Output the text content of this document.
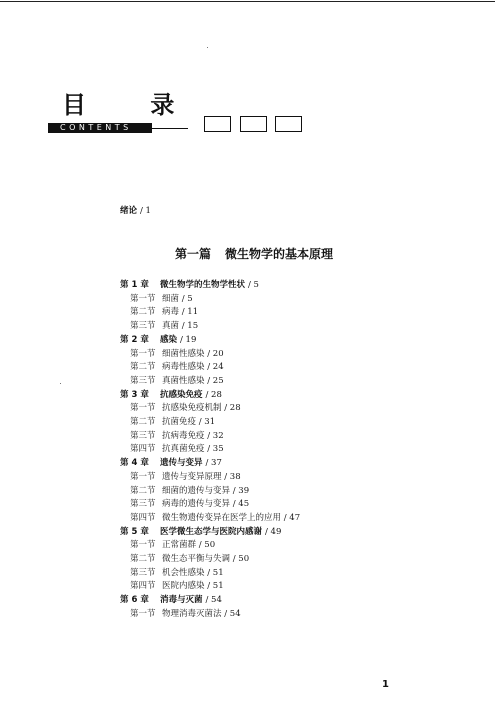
目 录
CONTENTS
绪论 / 1
第一篇 微生物学的基本原理
第 1 章 微生物学的生物学性状 / 5
第一节 细菌 / 5
第二节 病毒 / 11
第三节 真菌 / 15
第 2 章 感染 / 19
第一节 细菌性感染 / 20
第二节 病毒性感染 / 24
第三节 真菌性感染 / 25
第 3 章 抗感染免疫 / 28
第一节 抗感染免疫机制 / 28
第二节 抗菌免疫 / 31
第三节 抗病毒免疫 / 32
第四节 抗真菌免疫 / 35
第 4 章 遗传与变异 / 37
第一节 遗传与变异原理 / 38
第二节 细菌的遗传与变异 / 39
第三节 病毒的遗传与变异 / 45
第四节 微生物遗传变异在医学上的应用 / 47
第 5 章 医学微生态学与医院内感谢 / 49
第一节 正常菌群 / 50
第二节 微生态平衡与失调 / 50
第三节 机会性感染 / 51
第四节 医院内感染 / 51
第 6 章 消毒与灭菌 / 54
第一节 物理消毒灭菌法 / 54
1
